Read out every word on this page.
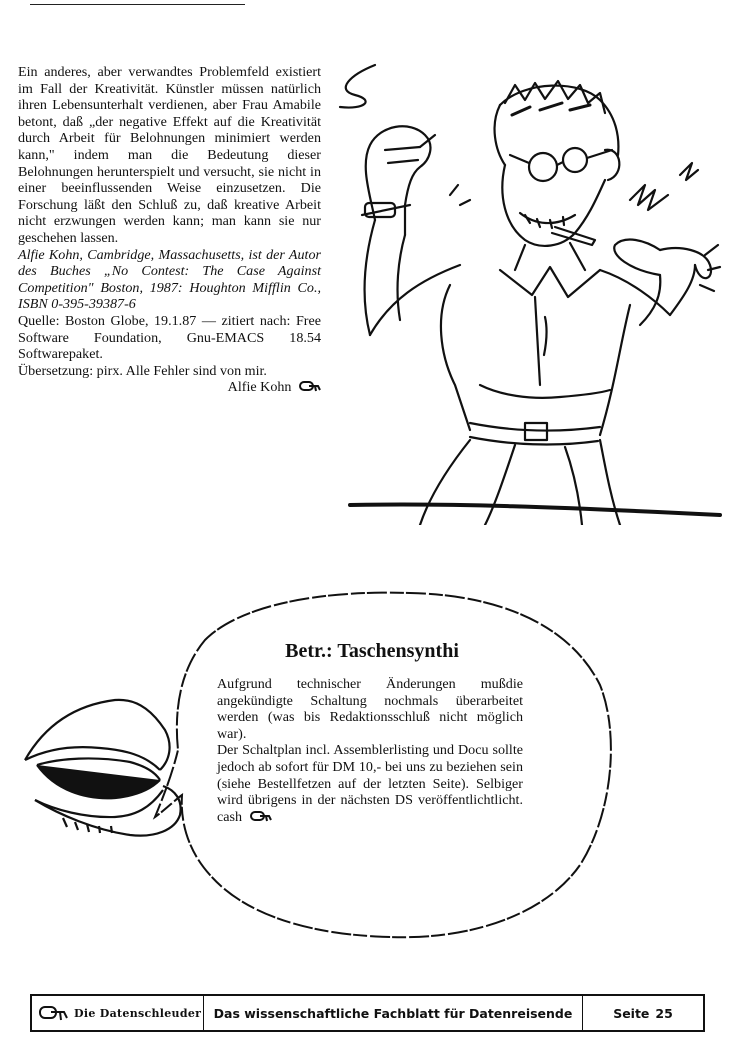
Ein anderes, aber verwandtes Problemfeld existiert im Fall der Kreativität. Künstler müssen natürlich ihren Lebensunterhalt verdienen, aber Frau Amabile betont, daß „der negative Effekt auf die Kreativität durch Arbeit für Belohnungen minimiert werden kann," indem man die Bedeutung dieser Belohnungen herunterspielt und versucht, sie nicht in einer beeinflussenden Weise einzusetzen. Die Forschung läßt den Schluß zu, daß kreative Arbeit nicht erzwungen werden kann; man kann sie nur geschehen lassen.

Alfie Kohn, Cambridge, Massachusetts, ist der Autor des Buches „No Contest: The Case Against Competition" Boston, 1987: Houghton Mifflin Co., ISBN 0-395-39387-6

Quelle: Boston Globe, 19.1.87 — zitiert nach: Free Software Foundation, Gnu-EMACS 18.54 Softwarepaket.

Übersetzung: pirx. Alle Fehler sind von mir.

Alfie Kohn

Betr.: Taschensynthi

Aufgrund technischer Änderungen mußdie angekündigte Schaltung nochmals überarbeitet werden (was bis Redaktionsschluß nicht möglich war).

Der Schaltplan incl. Assemblerlisting und Docu sollte jedoch ab sofort für DM 10,- bei uns zu beziehen sein (siehe Bestellfetzen auf der letzten Seite). Selbiger wird übrigens in der nächsten DS veröffentlichtlicht. cash

Die Datenschleuder Das wissenschaftliche Fachblatt für Datenreisende	Seite 25
